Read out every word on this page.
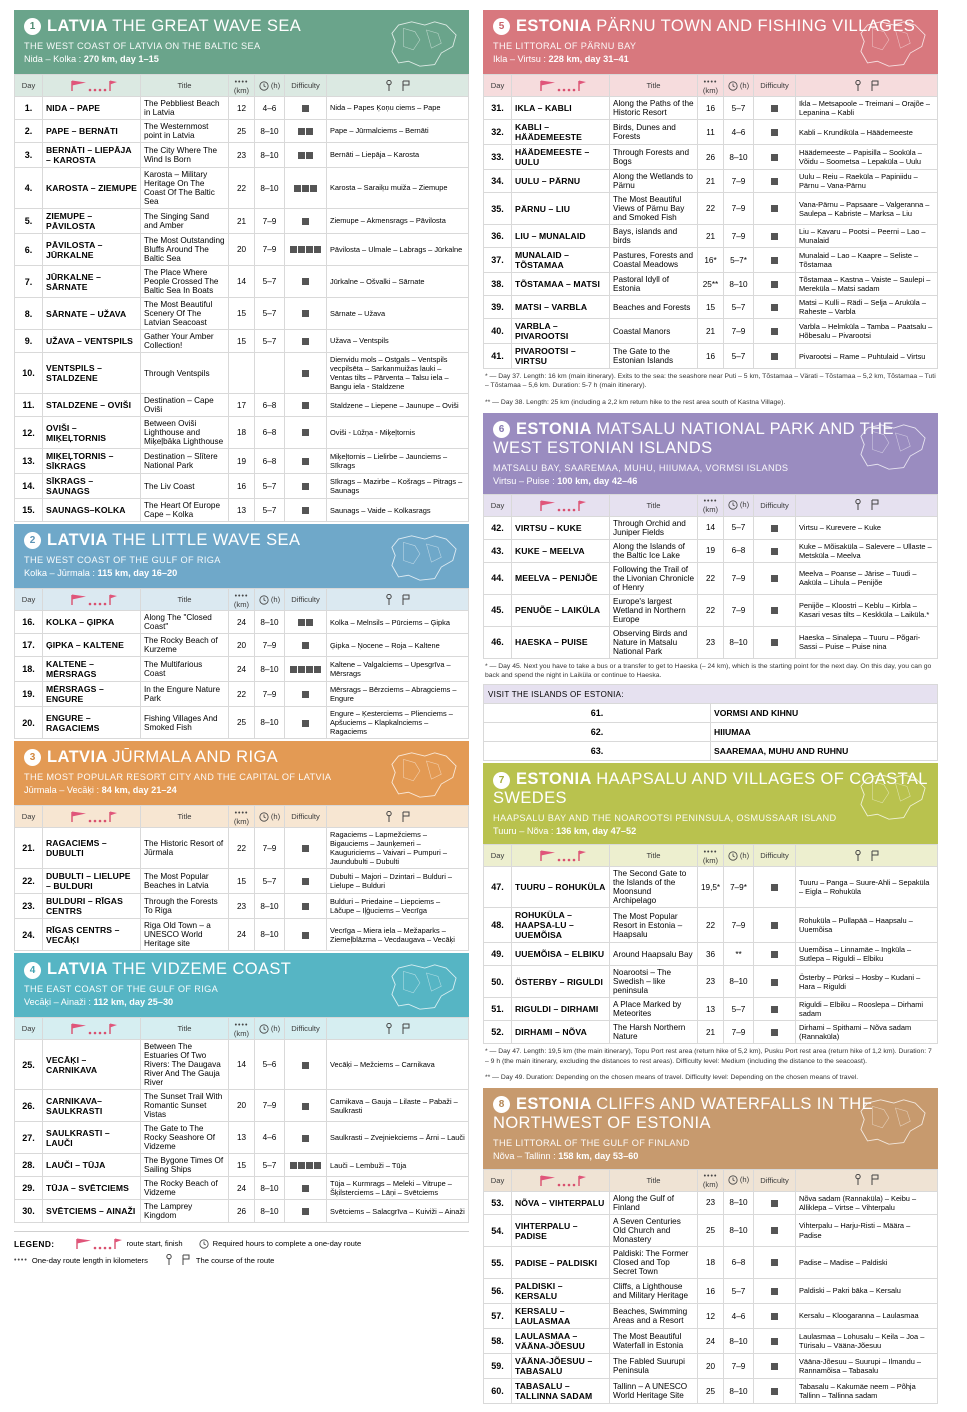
1 LATVIA THE GREAT WAVE SEA
THE WEST COAST OF LATVIA ON THE BALTIC SEA
Nida – Kolka : 270 km, day 1–15
Day		Title	••••
(km)	(h)	Difficulty	
1.	NIDA – PAPE	The Pebbliest Beach in Latvia	12	4–6		Nida – Papes Ķoņu ciems – Pape
2.	PAPE – BERNĀTI	The Westernmost point in Latvia	25	8–10		Pape – Jūrmalciems – Bernāti
3.	BERNĀTI – LIEPĀJA – KAROSTA	The City Where The Wind Is Born	23	8–10		Bernāti – Liepāja – Karosta
4.	KAROSTA – ZIEMUPE	Karosta – Military Heritage On The Coast Of The Baltic Sea	22	8–10		Karosta – Saraiķu muiža – Ziemupe
5.	ZIEMUPE – PĀVILOSTA	The Singing Sand and Amber	21	7–9		Ziemupe – Akmensrags – Pāvilosta
6.	PĀVILOSTA – JŪRKALNE	The Most Outstanding Bluffs Around The Baltic Sea	20	7–9		Pāvilosta – Ulmale – Labrags – Jūrkalne
7.	JŪRKALNE – SĀRNATE	The Place Where People Crossed The Baltic Sea In Boats	14	5–7		Jūrkalne – Ošvalki – Sārnate
8.	SĀRNATE – UŽAVA	The Most Beautiful Scenery Of The Latvian Seacoast	15	5–7		Sārnate – Užava
9.	UŽAVA – VENTSPILS	Gather Your Amber Collection!	15	5–7		Užava – Ventspils
10.	VENTSPILS – STALDZENE	Through Ventspils				Dienvidu mols – Ostgals – Ventspils vecpilsēta – Sarkanmuižas lauki – Ventas tilts – Pārventa – Talsu iela – Bangu iela - Staldzene
11.	STALDZENE – OVIŠI	Destination – Cape Oviši	17	6–8		Staldzene – Liepene – Jaunupe – Oviši
12.	OVIŠI – MIĶEĻTORNIS	Between Oviši Lighthouse and Miķeļbāka Lighthouse	18	6–8		Oviši - Lūžņa - Miķeļtornis
13.	MIĶEĻTORNIS – SĪKRAGS	Destination – Slītere National Park	19	6–8		Miķeļtornis – Lielirbe – Jaunciems – Sīkrags
14.	SĪKRAGS – SAUNAGS	The Liv Coast	16	5–7		Sīkrags – Mazirbe – Košrags – Pitrags – Saunags
15.	SAUNAGS–KOLKA	The Heart Of Europe Cape – Kolka	13	5–7		Saunags – Vaide – Kolkasrags
2 LATVIA THE LITTLE WAVE SEA
THE WEST COAST OF THE GULF OF RIGA
Kolka – Jūrmala : 115 km, day 16–20
Day		Title	••••
(km)	(h)	Difficulty	
16.	KOLKA – ĢIPKA	Along The "Closed Coast"	24	8–10		Kolka – Melnsils – Pūrciems – Ģipka
17.	ĢIPKA – KALTENE	The Rocky Beach of Kurzeme	20	7–9		Ģipka – Ņocene – Roja – Kaltene
18.	KALTENE – MĒRSRAGS	The Multifarious Coast	24	8–10		Kaltene – Valgalciems – Upesgrīva – Mērsrags
19.	MĒRSRAGS – ENGURE	In the Engure Nature Park	22	7–9		Mērsrags – Bērzciems – Abragciems – Engure
20.	ENGURE – RAGACIEMS	Fishing Villages And Smoked Fish	25	8–10		Engure – Ķesterciems – Plienciems – Apšuciems – Klapkalnciems – Ragaciems
3 LATVIA JŪRMALA AND RIGA
THE MOST POPULAR RESORT CITY AND THE CAPITAL OF LATVIA
Jūrmala – Vecāķi : 84 km, day 21–24
Day		Title	••••
(km)	(h)	Difficulty	
21.	RAGACIEMS – DUBULTI	The Historic Resort of Jūrmala	22	7–9		Ragaciems – Lapmežciems – Bigauciems – Jaunķemeri – Kauguriciems – Vaivari – Pumpuri – Jaundubulti – Dubulti
22.	DUBULTI – LIELUPE – BULDURI	The Most Popular Beaches in Latvia	15	5–7		Dubulti – Majori – Dzintari – Bulduri – Lielupe – Bulduri
23.	BULDURI – RĪGAS CENTRS	Through the Forests To Riga	23	8–10		Bulduri – Priedaine – Liepciems – Lāčupe – Iļģuciems – Vecrīga
24.	RĪGAS CENTRS – VECĀĶI	Riga Old Town – a UNESCO World Heritage site	24	8–10		Vecrīga – Miera iela – Mežaparks – Ziemeļblāzma – Vecdaugava – Vecāķi
4 LATVIA THE VIDZEME COAST
THE EAST COAST OF THE GULF OF RIGA
Vecāķi – Ainaži : 112 km, day 25–30
Day		Title	••••
(km)	(h)	Difficulty	
25.	VECĀĶI – CARNIKAVA	Between The Estuaries Of Two Rivers: The Daugava River And The Gauja River	14	5–6		Vecāķi – Mežciems – Carnikava
26.	CARNIKAVA– SAULKRASTI	The Sunset Trail With Romantic Sunset Vistas	20	7–9		Carnikava – Gauja – Lilaste – Pabaži – Saulkrasti
27.	SAULKRASTI – LAUČI	The Gate to The Rocky Seashore Of Vidzeme	13	4–6		Saulkrasti – Zvejniekciems – Ārni – Lauči
28.	LAUČI – TŪJA	The Bygone Times Of Sailing Ships	15	5–7		Lauči – Lembuži – Tūja
29.	TŪJA – SVĒTCIEMS	The Rocky Beach of Vidzeme	24	8–10		Tūja – Kurmrags – Meleki – Vitrupe – Šķilsterciems – Lāņi – Svētciems
30.	SVĒTCIEMS – AINAŽI	The Lamprey Kingdom	26	8–10		Svētciems – Salacgrīva – Kuiviži – Ainaži
LEGEND:	route start, finish	Required hours to complete a one-day route
•••• One-day route length in kilometers	The course of the route
5 ESTONIA PÄRNU TOWN AND FISHING VILLAGES
THE LITTORAL OF PÄRNU BAY
Ikla – Virtsu : 228 km, day 31–41
Day		Title	••••
(km)	(h)	Difficulty	
31.	IKLA – KABLI	Along the Paths of the Historic Resort	16	5–7		Ikla – Metsapoole – Treimani – Orajõe – Lepanina – Kabli
32.	KABLI – HÄÄDEMEESTE	Birds, Dunes and Forests	11	4–6		Kabli – Krundiküla – Häädemeeste
33.	HÄÄDEMEESTE – UULU	Through Forests and Bogs	26	8–10		Häädemeeste – Papisilla – Sooküla – Võidu – Soometsa – Lepaküla – Uulu
34.	UULU – PÄRNU	Along the Wetlands to Pärnu	21	7–9		Uulu – Reiu – Raeküla – Papiniidu – Pärnu – Vana-Pärnu
35.	PÄRNU – LIU	The Most Beautiful Views of Pärnu Bay and Smoked Fish	22	7–9		Vana-Pärnu – Papsaare – Valgeranna – Saulepa – Kabriste – Marksa – Liu
36.	LIU – MUNALAID	Bays, islands and birds	21	7–9		Liu – Kavaru – Pootsi – Peerni – Lao – Munalaid
37.	MUNALAID – TÕSTAMAA	Pastures, Forests and Coastal Meadows	16*	5–7*		Munalaid – Lao – Kaapre – Seliste – Tõstamaa
38.	TÕSTAMAA – MATSI	Pastoral Idyll of Estonia	25**	8–10		Tõstamaa – Kastna – Vaiste – Saulepi – Mereküla – Matsi sadam
39.	MATSI – VARBLA	Beaches and Forests	15	5–7		Matsi – Kulli – Rädi – Selja – Aruküla – Raheste – Varbla
40.	VARBLA – PIVAROOTSI	Coastal Manors	21	7–9		Varbla – Helmküla – Tamba – Paatsalu – Hõbesalu – Pivarootsi
41.	PIVAROOTSI – VIRTSU	The Gate to the Estonian Islands	16	5–7		Pivarootsi – Rame – Puhtulaid – Virtsu
* — Day 37. Length: 16 km (main itinerary). Exits to the sea: the seashore near Puti – 5 km, Tõstamaa – Värati – Tõstamaa – 5,2 km, Tõstamaa – Tuti – Tõstamaa – 5,6 km. Duration: 5-7 h (main itinerary).
** — Day 38. Length: 25 km (including a 2,2 km return hike to the rest area south of Kastna Village).
6 ESTONIA MATSALU NATIONAL PARK AND THE WEST ESTONIAN ISLANDS
MATSALU BAY, SAAREMAA, MUHU, HIIUMAA, VORMSI ISLANDS
Virtsu – Puise : 100 km, day 42–46
Day		Title	••••
(km)	(h)	Difficulty	
42.	VIRTSU – KUKE	Through Orchid and Juniper Fields	14	5–7		Virtsu – Kurevere – Kuke
43.	KUKE – MEELVA	Along the Islands of the Baltic Ice Lake	19	6–8		Kuke – Mõisaküla – Salevere – Ullaste – Metsküla – Meelva
44.	MEELVA – PENIJÕE	Following the Trail of the Livonian Chronicle of Henry	22	7–9		Meelva – Poanse – Järise – Tuudi – Aaküla – Lihula – Penijõe
45.	PENUÕE – LAIKÜLA	Europe's largest Wetland in Northern Europe	22	7–9		Penijõe – Kloostri – Keblu – Kirbla – Kasari vesas tilts – Keskküla – Laiküla.*
46.	HAESKA – PUISE	Observing Birds and Nature in Matsalu National Park	23	8–10		Haeska – Sinalepa – Tuuru – Põgari-Sassi – Puise – Puise nina
* — Day 45. Next you have to take a bus or a transfer to get to Haeska (– 24 km), which is the starting point for the next day. On this day, you can go back and spend the night in Laiküla or continue to Haeska.
VISIT THE ISLANDS OF ESTONIA:	
61.	VORMSI AND KIHNU
62.	HIIUMAA
63.	SAAREMAA, MUHU AND RUHNU
7 ESTONIA HAAPSALU AND VILLAGES OF COASTAL SWEDES
HAAPSALU BAY AND THE NOAROOTSI PENINSULA, OSMUSSAAR ISLAND
Tuuru – Nõva : 136 km, day 47–52
Day		Title	••••
(km)	(h)	Difficulty	
47.	TUURU – ROHUKÜLA	The Second Gate to the Islands of the Moonsund Archipelago	19,5*	7–9*		Tuuru – Panga – Suure-Ahli – Sepaküla – Eigla – Rohuküla
48.	ROHUKÜLA – HAAPSA-LU – UUEMÕISA	The Most Popular Resort in Estonia – Haapsalu	22	7–9		Rohuküla – Pullapää – Haapsalu – Uuemõisa
49.	UUEMÕISA – ELBIKU	Around Haapsalu Bay	36	**		Uuemõisa – Linnamäe – Ingküla – Sutlepa – Riguldi – Elbiku
50.	ÖSTERBY – RIGULDI	Noarootsi – The Swedish – like peninsula	23	8–10		Österby – Pürksi – Hosby – Kudani – Hara – Riguldi
51.	RIGULDI – DIRHAMI	A Place Marked by Meteorites	13	5–7		Riguldi – Elbiku – Rooslepa – Dirhami sadam
52.	DIRHAMI – NÕVA	The Harsh Northern Nature	21	7–9		Dirhami – Spithami – Nõva sadam (Rannaküla)
* — Day 47. Length: 19,5 km (the main itinerary), Topu Port rest area (return hike of 5,2 km), Pusku Port rest area (return hike of 1,2 km). Duration: 7 – 9 h (the main itinerary, excluding the distances to rest areas). Difficulty level: Medium (including the distance to the seacoast).
** — Day 49. Duration: Depending on the chosen means of travel. Difficulty level: Depending on the chosen means of travel.
8 ESTONIA CLIFFS AND WATERFALLS IN THE NORTHWEST OF ESTONIA
THE LITTORAL OF THE GULF OF FINLAND
Nõva – Tallinn : 158 km, day 53–60
Day		Title	••••
(km)	(h)	Difficulty	
53.	NÕVA – VIHTERPALU	Along the Gulf of Finland	23	8–10		Nõva sadam (Rannaküla) – Keibu – Alliklepa – Virtse – Vihterpalu
54.	VIHTERPALU – PADISE	A Seven Centuries Old Church and Monastery	25	8–10		Vihterpalu – Harju-Risti – Määra – Padise
55.	PADISE – PALDISKI	Paldiski: The Former Closed and Top Secret Town	18	6–8		Padise – Madise – Paldiski
56.	PALDISKI – KERSALU	Cliffs, a Lighthouse and Military Heritage	16	5–7		Paldiski – Pakri bāka – Kersalu
57.	KERSALU – LAULASMAA	Beaches, Swimming Areas and a Resort	12	4–6		Kersalu – Kloogaranna – Laulasmaa
58.	LAULASMAA – VÄÄNA-JÕESUU	The Most Beautiful Waterfall in Estonia	24	8–10		Laulasmaa – Lohusalu – Keila – Joa – Türisalu – Vääna-Jõesuu
59.	VÄÄNA-JÕESUU – TABASALU	The Fabled Suurupi Peninsula	20	7–9		Vääna-Jõesuu – Suurupi – Ilmandu – Rannamõisa – Tabasalu
60.	TABASALU – TALLINNA SADAM	Tallinn – A UNESCO World Heritage Site	25	8–10		Tabasalu – Kakumäe neem – Põhja Tallinn – Tallinna sadam
